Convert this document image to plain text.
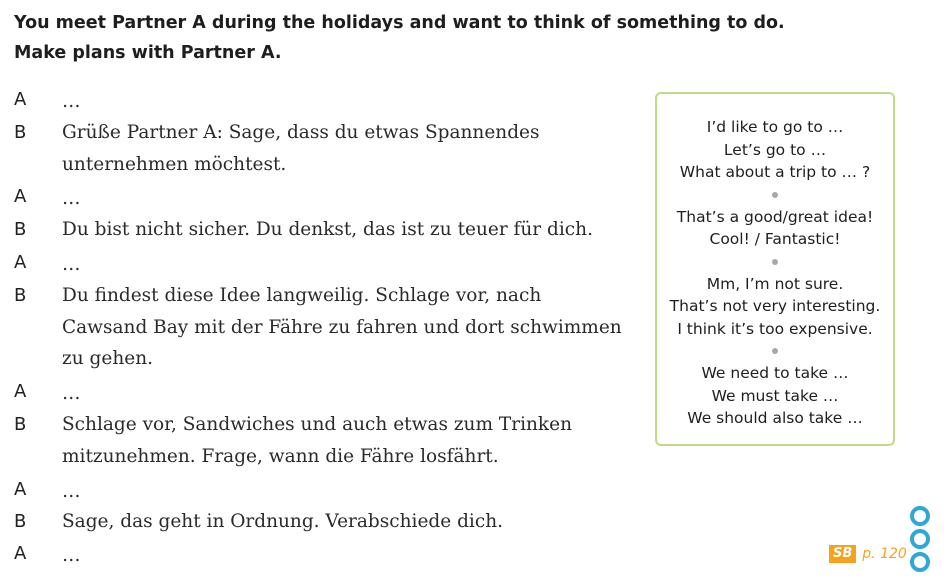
You meet Partner A during the holidays and want to think of something to do.
Make plans with Partner A.
A	…
B	Grüße Partner A: Sage, dass du etwas Spannendes
unternehmen möchtest.
A	…
B	Du bist nicht sicher. Du denkst, das ist zu teuer für dich.
A	…
B	Du findest diese Idee langweilig. Schlage vor, nach
Cawsand Bay mit der Fähre zu fahren und dort schwimmen
zu gehen.
A	…
B	Schlage vor, Sandwiches und auch etwas zum Trinken
mitzunehmen. Frage, wann die Fähre losfährt.
A	…
B	Sage, das geht in Ordnung. Verabschiede dich.
A	…
I’d like to go to …
Let’s go to …
What about a trip to … ?
That’s a good/great idea!
Cool! / Fantastic!
Mm, I’m not sure.
That’s not very interesting.
I think it’s too expensive.
We need to take …
We must take …
We should also take …
SB p. 120
